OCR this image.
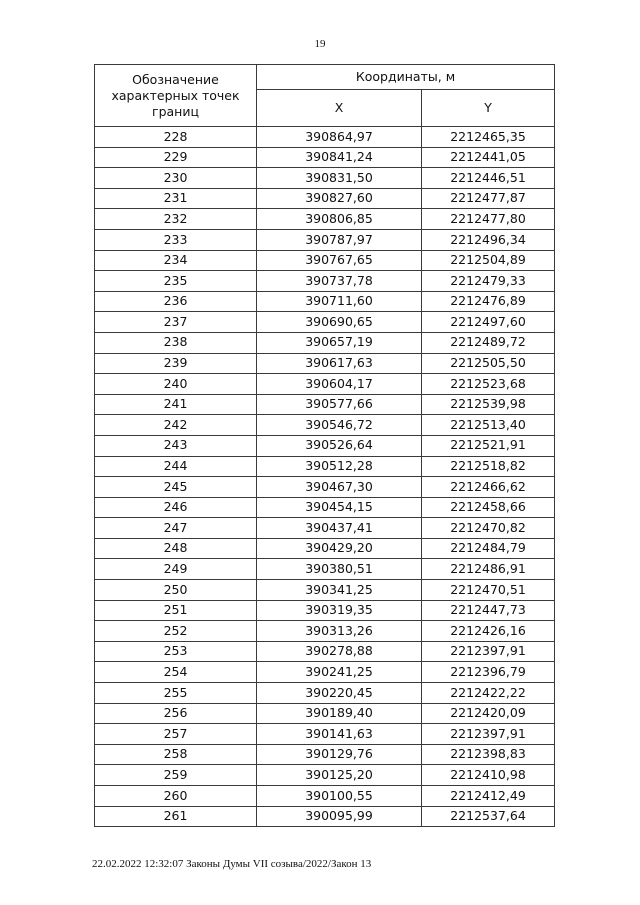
19
Обозначение характерных точек границ	Координаты, м	
	X	Y
228	390864,97	2212465,35
229	390841,24	2212441,05
230	390831,50	2212446,51
231	390827,60	2212477,87
232	390806,85	2212477,80
233	390787,97	2212496,34
234	390767,65	2212504,89
235	390737,78	2212479,33
236	390711,60	2212476,89
237	390690,65	2212497,60
238	390657,19	2212489,72
239	390617,63	2212505,50
240	390604,17	2212523,68
241	390577,66	2212539,98
242	390546,72	2212513,40
243	390526,64	2212521,91
244	390512,28	2212518,82
245	390467,30	2212466,62
246	390454,15	2212458,66
247	390437,41	2212470,82
248	390429,20	2212484,79
249	390380,51	2212486,91
250	390341,25	2212470,51
251	390319,35	2212447,73
252	390313,26	2212426,16
253	390278,88	2212397,91
254	390241,25	2212396,79
255	390220,45	2212422,22
256	390189,40	2212420,09
257	390141,63	2212397,91
258	390129,76	2212398,83
259	390125,20	2212410,98
260	390100,55	2212412,49
261	390095,99	2212537,64
22.02.2022 12:32:07 Законы Думы VII созыва/2022/Закон 13
